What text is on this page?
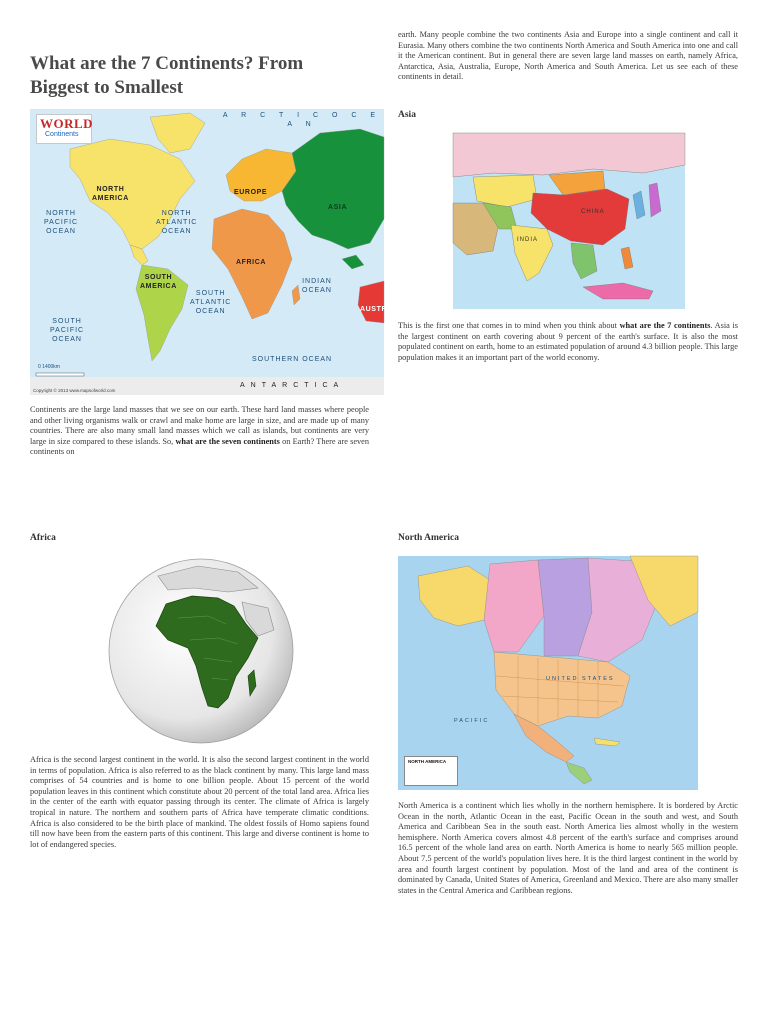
What are the 7 Continents? From Biggest to Smallest
WORLD
Continents
A R C T I C O C E A N
NORTH
AMERICA
EUROPE
ASIA
NORTH
PACIFIC
OCEAN
NORTH
ATLANTIC
OCEAN
AFRICA
INDIAN
OCEAN
SOUTH
AMERICA
SOUTH
ATLANTIC
OCEAN
SOUTH
PACIFIC
OCEAN
AUSTR
SOUTHERN OCEAN
ANTARCTICA
0 1400km
Copyright © 2013 www.mapsofworld.com
Continents are the large land masses that we see on our earth. These hard land masses where people and other living organisms walk or crawl and make home are large in size, and are made up of many countries. There are also many small land masses which we call as islands, but continents are very large in size compared to these islands. So, what are the seven continents on Earth? There are seven continents on
earth. Many people combine the two continents Asia and Europe into a single continent and call it Eurasia. Many others combine the two continents North America and South America into one and call it the American continent. But in general there are seven large land masses on earth, namely Africa, Antarctica, Asia, Australia, Europe, North America and South America. Let us see each of these continents in detail.
Asia
CHINA
INDIA
This is the first one that comes in to mind when you think about what are the 7 continents. Asia is the largest continent on earth covering about 9 percent of the earth's surface. It is also the most populated continent on earth, home to an estimated population of around 4.3 billion people. This large population makes it an important part of the world economy.
Africa
Africa is the second largest continent in the world. It is also the second largest continent in the world in terms of population. Africa is also referred to as the black continent by many. This large land mass comprises of 54 countries and is home to one billion people. About 15 percent of the world population leaves in this continent which constitute about 20 percent of the total land area. Africa lies in the center of the earth with equator passing through its center. The climate of Africa is largely tropical in nature. The northern and southern parts of Africa have temperate climatic conditions. Africa is also considered to be the birth place of mankind. The oldest fossils of Homo sapiens found till now have been from the eastern parts of this continent. This large and diverse continent is home to lot of endangered species.
North America
UNITED STATES
PACIFIC
NORTH AMERICA
North America is a continent which lies wholly in the northern hemisphere. It is bordered by Arctic Ocean in the north, Atlantic Ocean in the east, Pacific Ocean in the south and west, and South America and Caribbean Sea in the south east. North America lies almost wholly in the western hemisphere. North America covers almost 4.8 percent of the earth's surface and comprises around 16.5 percent of the whole land area on earth. North America is home to nearly 565 million people. About 7.5 percent of the world's population lives here. It is the third largest continent in the world by area and fourth largest continent by population. Most of the land and area of the continent is dominated by Canada, United States of America, Greenland and Mexico. There are also many smaller states in the Central America and Caribbean regions.
